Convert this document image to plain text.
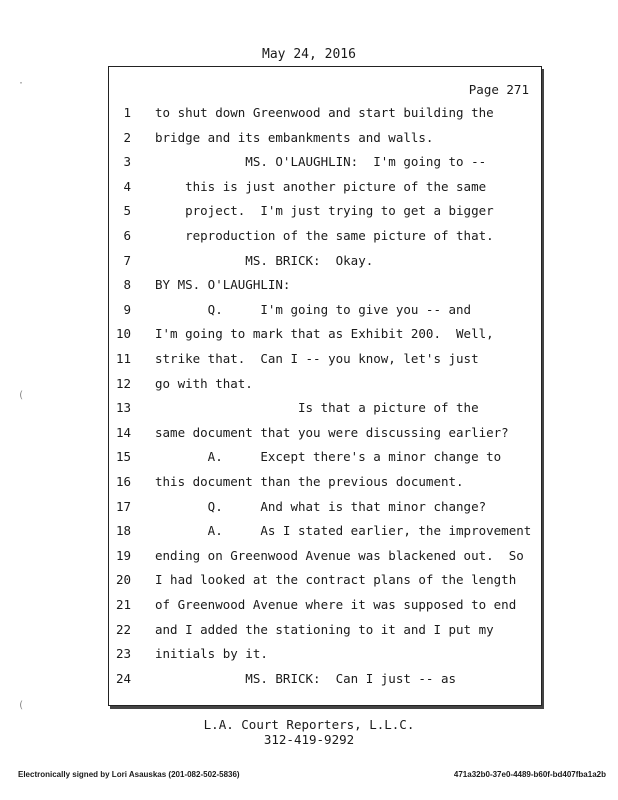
May 24, 2016
Page 271
1 to shut down Greenwood and start building the
2 bridge and its embankments and walls.
3 MS. O'LAUGHLIN:  I'm going to --
4 this is just another picture of the same
5 project.  I'm just trying to get a bigger
6 reproduction of the same picture of that.
7 MS. BRICK:  Okay.
8 BY MS. O'LAUGHLIN:
9 Q.     I'm going to give you -- and
10 I'm going to mark that as Exhibit 200.  Well,
11 strike that.  Can I -- you know, let's just
12 go with that.
13 Is that a picture of the
14 same document that you were discussing earlier?
15 A.     Except there's a minor change to
16 this document than the previous document.
17 Q.     And what is that minor change?
18 A.     As I stated earlier, the improvement
19 ending on Greenwood Avenue was blackened out.  So
20 I had looked at the contract plans of the length
21 of Greenwood Avenue where it was supposed to end
22 and I added the stationing to it and I put my
23 initials by it.
24 MS. BRICK:  Can I just -- as
L.A. Court Reporters, L.L.C.
312-419-9292
Electronically signed by Lori Asauskas (201-082-502-5836)	471a32b0-37e0-4489-b60f-bd407fba1a2b
·
(
(
